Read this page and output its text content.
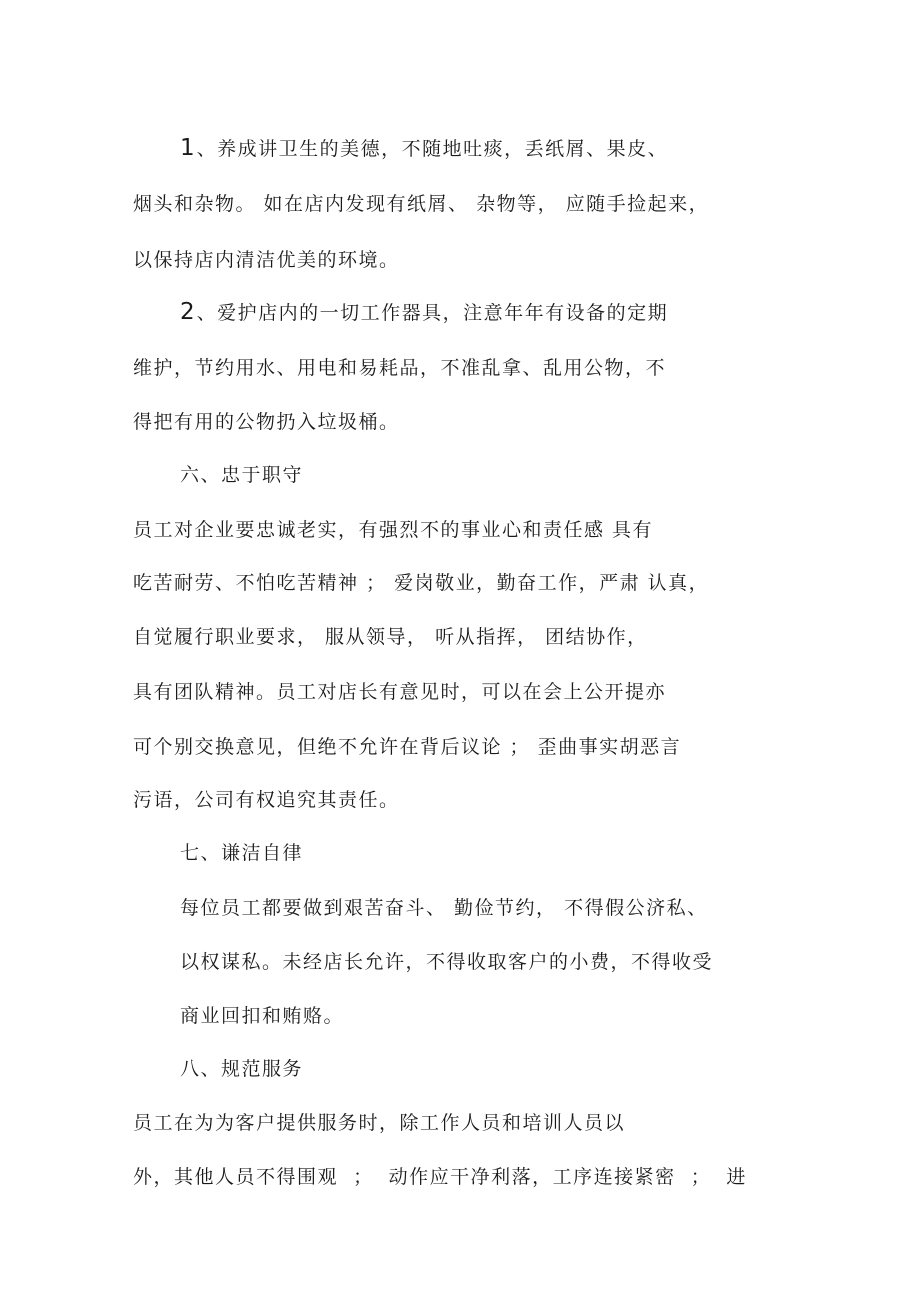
1、养成讲卫生的美德，不随地吐痰，丢纸屑、果皮、
烟头和杂物。 如在店内发现有纸屑、 杂物等， 应随手捡起来，
以保持店内清洁优美的环境。
2、爱护店内的一切工作器具，注意年年有设备的定期
维护，节约用水、用电和易耗品，不准乱拿、乱用公物，不
得把有用的公物扔入垃圾桶。
六、忠于职守
员工对企业要忠诚老实，有强烈不的事业心和责任感 具有
吃苦耐劳、不怕吃苦精神 ； 爱岗敬业，勤奋工作，严肃 认真，
自觉履行职业要求， 服从领导， 听从指挥， 团结协作，
具有团队精神。员工对店长有意见时，可以在会上公开提亦
可个别交换意见，但绝不允许在背后议论 ； 歪曲事实胡恶言
污语，公司有权追究其责任。
七、谦洁自律
每位员工都要做到艰苦奋斗、 勤俭节约， 不得假公济私、
以权谋私。未经店长允许，不得收取客户的小费，不得收受
商业回扣和贿赂。
八、规范服务
员工在为为客户提供服务时，除工作人员和培训人员以
外，其他人员不得围观  ；  动作应干净利落，工序连接紧密  ；  进
